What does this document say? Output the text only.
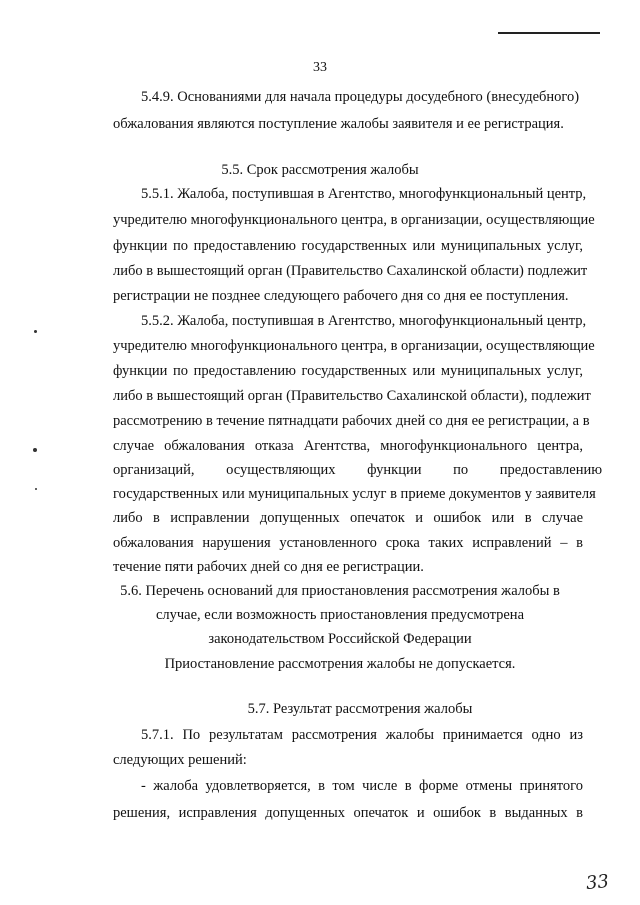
33
5.4.9. Основаниями для начала процедуры досудебного (внесудебного)
обжалования являются поступление жалобы заявителя и ее регистрация.
5.5. Срок рассмотрения жалобы
5.5.1. Жалоба, поступившая в Агентство, многофункциональный центр,
учредителю многофункционального центра, в организации, осуществляющие
функции по предоставлению государственных или муниципальных услуг,
либо в вышестоящий орган (Правительство Сахалинской области) подлежит
регистрации не позднее следующего рабочего дня со дня ее поступления.
5.5.2. Жалоба, поступившая в Агентство, многофункциональный центр,
учредителю многофункционального центра, в организации, осуществляющие
функции по предоставлению государственных или муниципальных услуг,
либо в вышестоящий орган (Правительство Сахалинской области), подлежит
рассмотрению в течение пятнадцати рабочих дней со дня ее регистрации, а в
случае обжалования отказа Агентства, многофункционального центра,
организаций, осуществляющих функции по предоставлению
государственных или муниципальных услуг в приеме документов у заявителя
либо в исправлении допущенных опечаток и ошибок или в случае
обжалования нарушения установленного срока таких исправлений – в
течение пяти рабочих дней со дня ее регистрации.
5.6. Перечень оснований для приостановления рассмотрения жалобы в
случае, если возможность приостановления предусмотрена
законодательством Российской Федерации
Приостановление рассмотрения жалобы не допускается.
5.7. Результат рассмотрения жалобы
5.7.1. По результатам рассмотрения жалобы принимается одно из
следующих решений:
- жалоба удовлетворяется, в том числе в форме отмены принятого
решения, исправления допущенных опечаток и ошибок в выданных в
33
